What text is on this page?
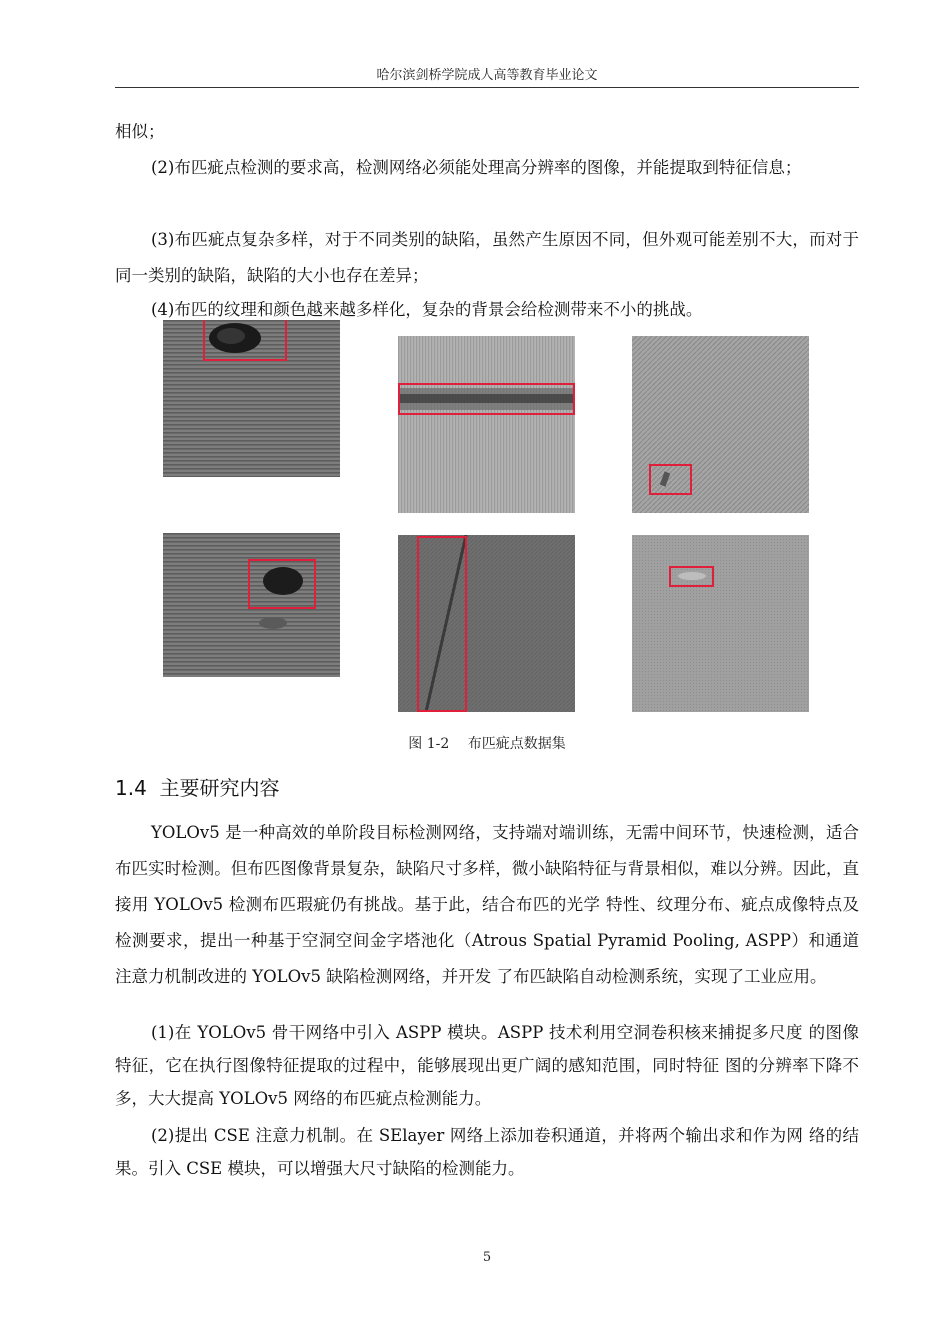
哈尔滨剑桥学院成人高等教育毕业论文
相似；
(2)布匹疵点检测的要求高，检测网络必须能处理高分辨率的图像，并能提取到特征信息；
(3)布匹疵点复杂多样，对于不同类别的缺陷，虽然产生原因不同，但外观可能差别不大，而对于同一类别的缺陷，缺陷的大小也存在差异；
(4)布匹的纹理和颜色越来越多样化，复杂的背景会给检测带来不小的挑战。
图 1-2　 布匹疵点数据集
1.4 主要研究内容
YOLOv5 是一种高效的单阶段目标检测网络，支持端对端训练，无需中间环节，快速检测，适合布匹实时检测。但布匹图像背景复杂，缺陷尺寸多样，微小缺陷特征与背景相似，难以分辨。因此，直接用 YOLOv5 检测布匹瑕疵仍有挑战。基于此，结合布匹的光学 特性、纹理分布、疵点成像特点及检测要求，提出一种基于空洞空间金字塔池化（Atrous Spatial Pyramid Pooling, ASPP）和通道注意力机制改进的 YOLOv5 缺陷检测网络，并开发 了布匹缺陷自动检测系统，实现了工业应用。
(1)在 YOLOv5 骨干网络中引入 ASPP 模块。ASPP 技术利用空洞卷积核来捕捉多尺度 的图像特征，它在执行图像特征提取的过程中，能够展现出更广阔的感知范围，同时特征 图的分辨率下降不多，大大提高 YOLOv5 网络的布匹疵点检测能力。
(2)提出 CSE 注意力机制。在 SElayer 网络上添加卷积通道，并将两个输出求和作为网 络的结果。引入 CSE 模块，可以增强大尺寸缺陷的检测能力。
5
